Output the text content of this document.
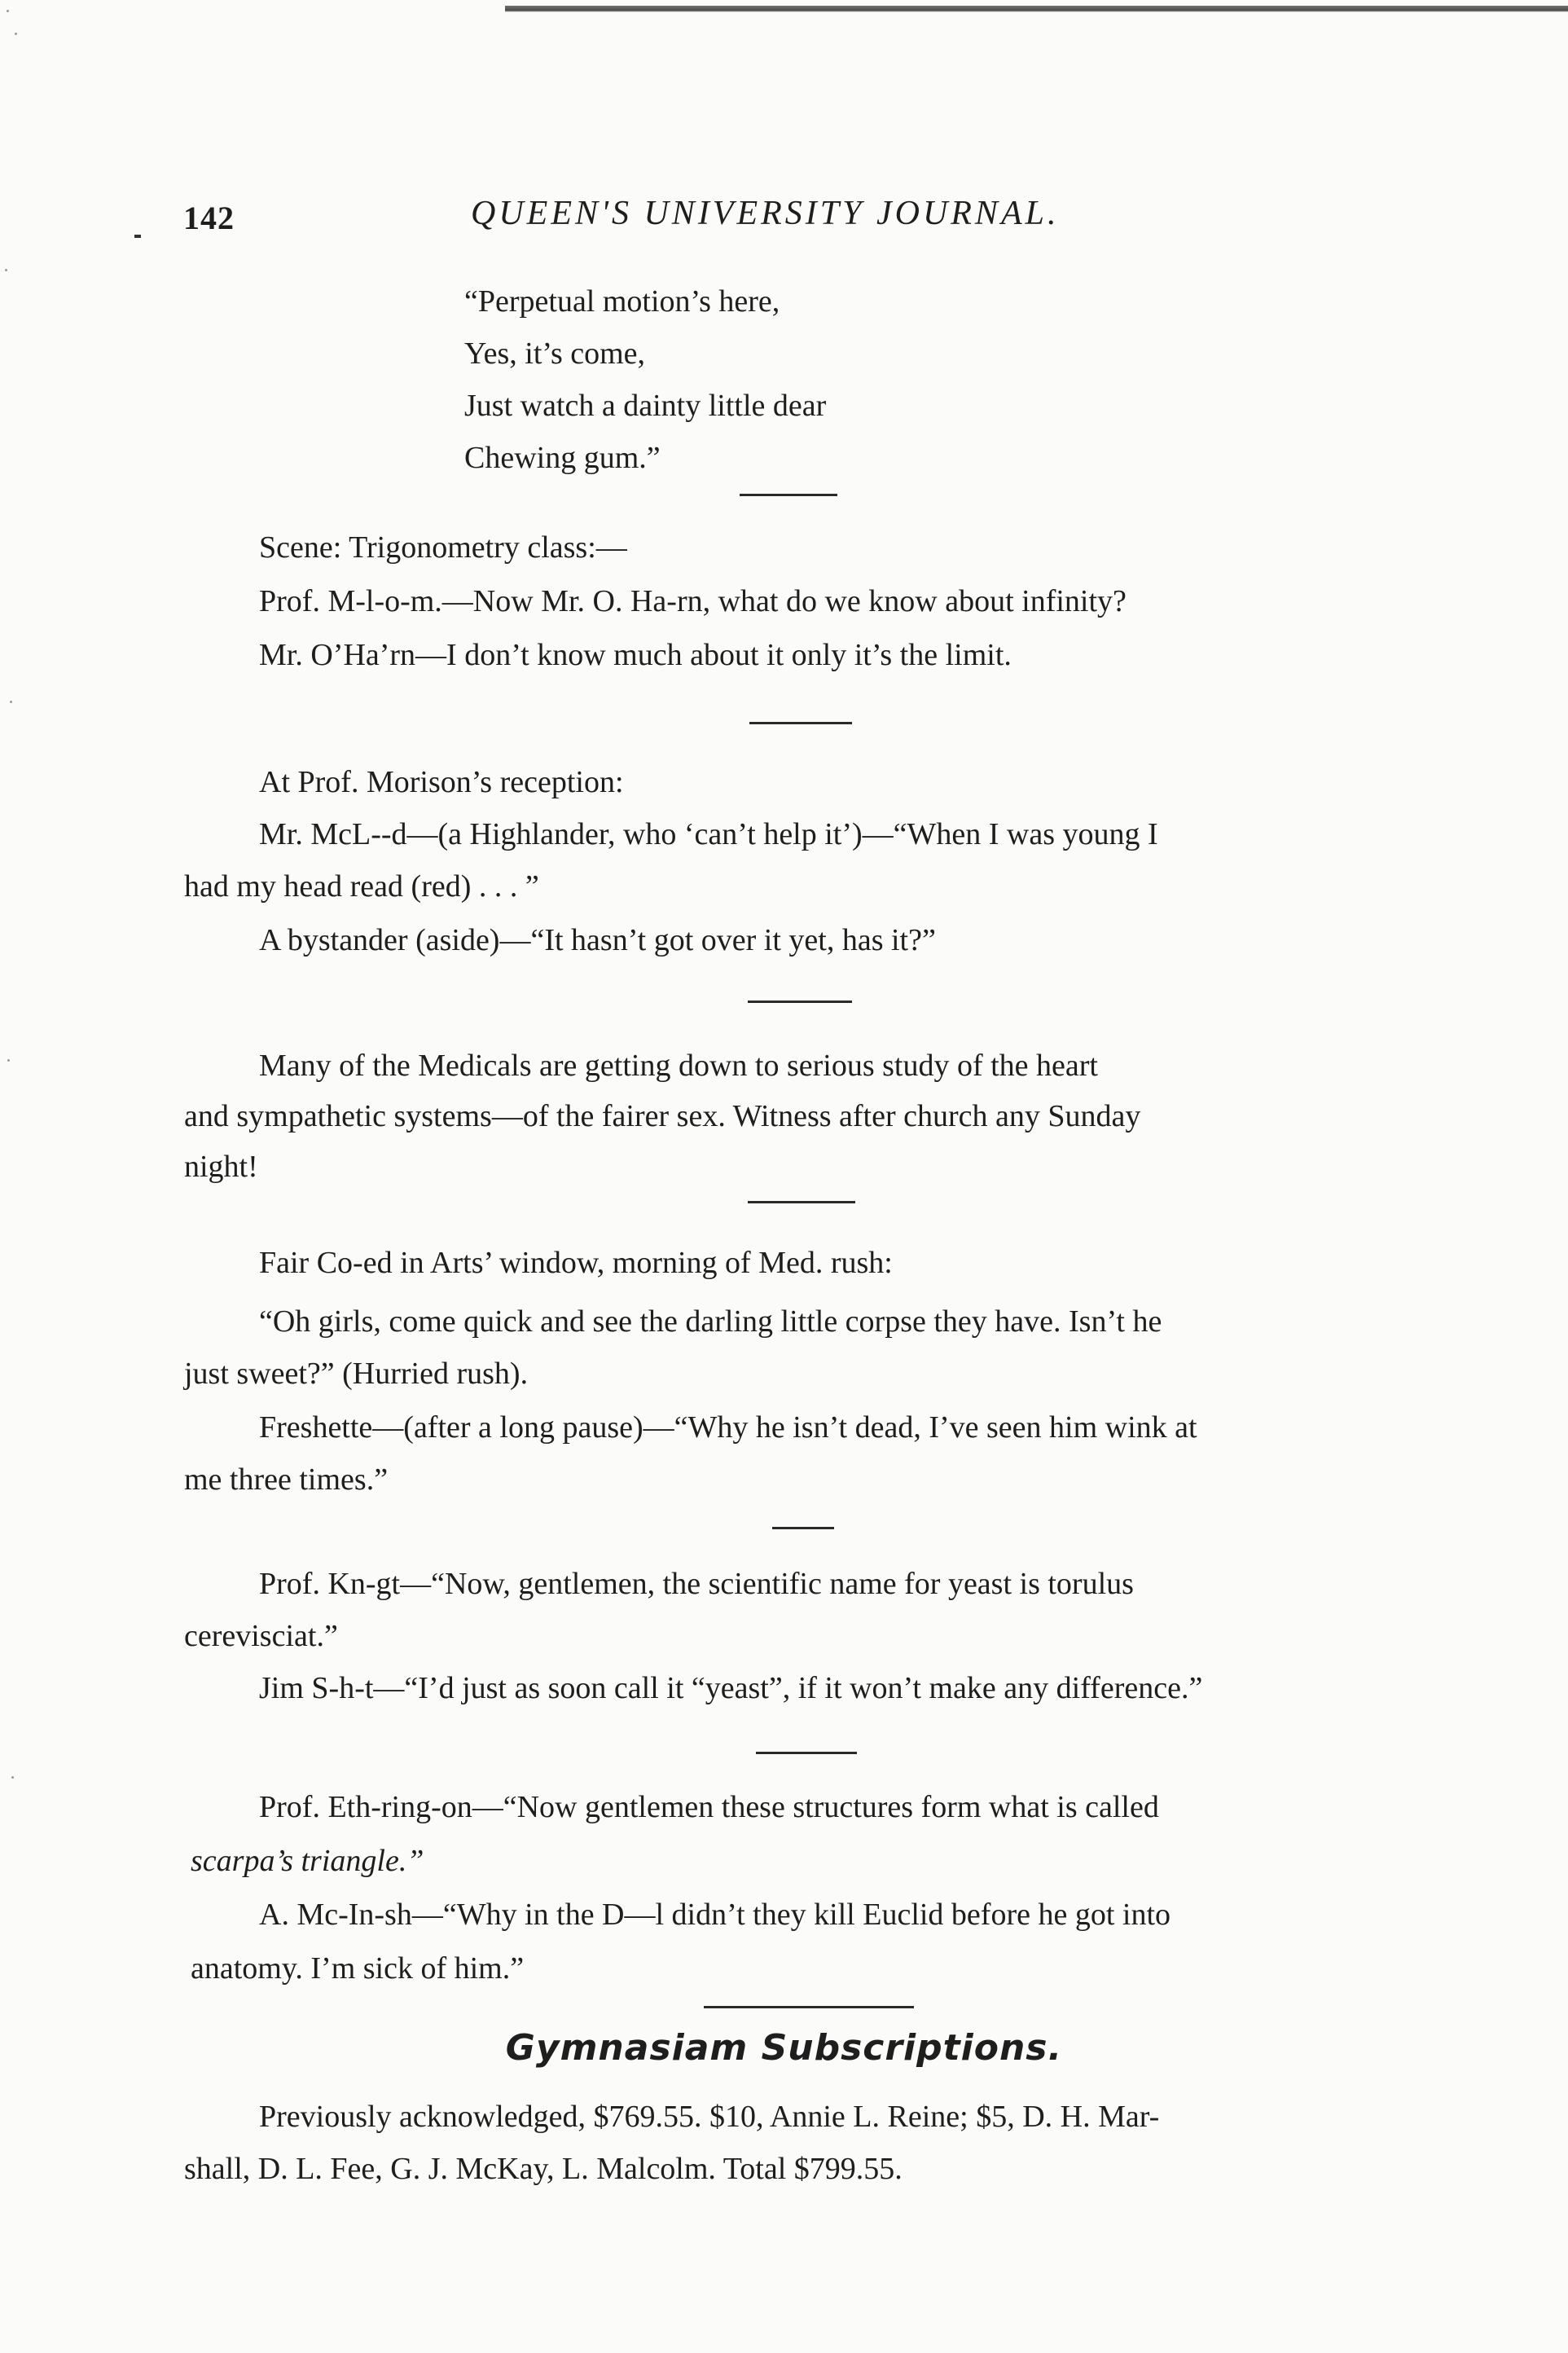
142	QUEEN'S UNIVERSITY JOURNAL.
“Perpetual motion’s here,
Yes, it’s come,
Just watch a dainty little dear
Chewing gum.”
Scene: Trigonometry class:—
Prof. M-l-o-m.—Now Mr. O. Ha-rn, what do we know about infinity?
Mr. O’Ha’rn—I don’t know much about it only it’s the limit.
At Prof. Morison’s reception:
Mr. McL--d—(a Highlander, who ‘can’t help it’)—“When I was young I
had my head read (red) . . . ”
A bystander (aside)—“It hasn’t got over it yet, has it?”
Many of the Medicals are getting down to serious study of the heart
and sympathetic systems—of the fairer sex. Witness after church any Sunday
night!
Fair Co-ed in Arts’ window, morning of Med. rush:
“Oh girls, come quick and see the darling little corpse they have. Isn’t he
just sweet?” (Hurried rush).
Freshette—(after a long pause)—“Why he isn’t dead, I’ve seen him wink at
me three times.”
Prof. Kn-gt—“Now, gentlemen, the scientific name for yeast is torulus
cerevisciat.”
Jim S-h-t—“I’d just as soon call it “yeast”, if it won’t make any difference.”
Prof. Eth-ring-on—“Now gentlemen these structures form what is called
scarpa’s triangle.”
A. Mc-In-sh—“Why in the D—l didn’t they kill Euclid before he got into
anatomy. I’m sick of him.”
Gymnasiam Subscriptions.
Previously acknowledged, $769.55. $10, Annie L. Reine; $5, D. H. Mar-
shall, D. L. Fee, G. J. McKay, L. Malcolm. Total $799.55.
